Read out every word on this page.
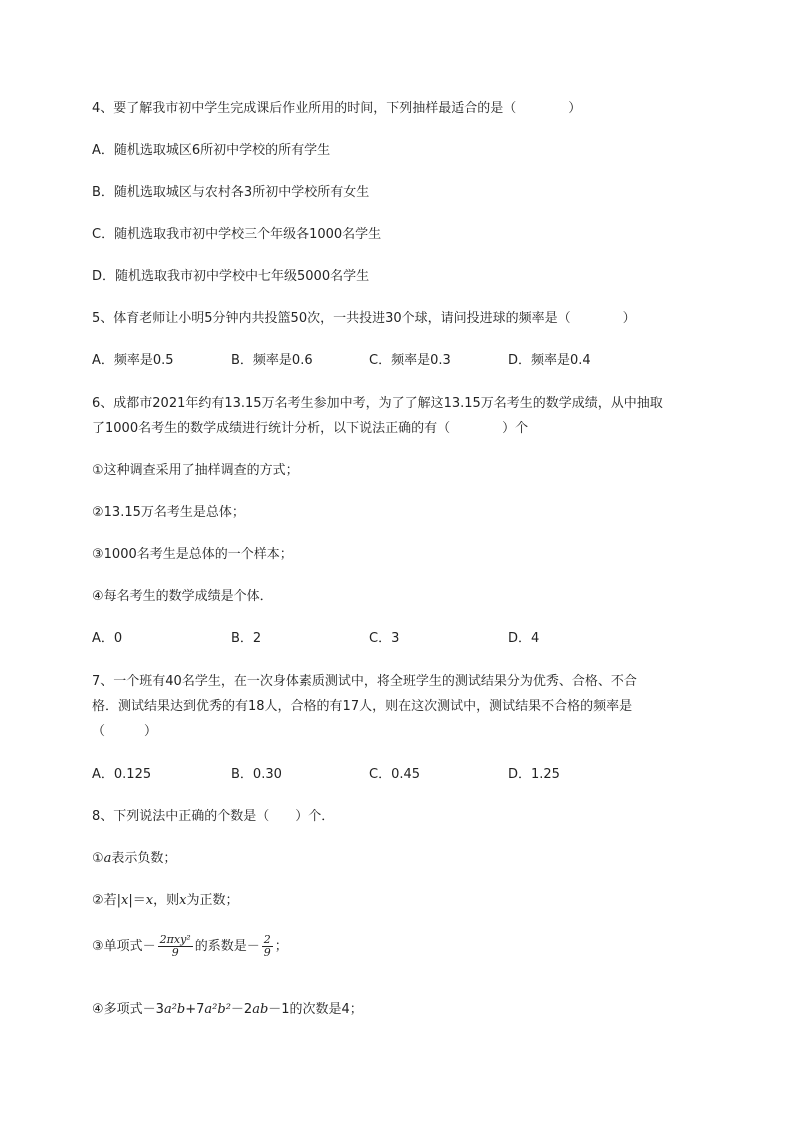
4、要了解我市初中学生完成课后作业所用的时间，下列抽样最适合的是（　　　　）
A．随机选取城区6所初中学校的所有学生
B．随机选取城区与农村各3所初中学校所有女生
C．随机选取我市初中学校三个年级各1000名学生
D．随机选取我市初中学校中七年级5000名学生
5、体育老师让小明5分钟内共投篮50次，一共投进30个球，请问投进球的频率是（　　　　）
A．频率是0.5	B．频率是0.6	C．频率是0.3	D．频率是0.4
6、成都市2021年约有13.15万名考生参加中考，为了了解这13.15万名考生的数学成绩，从中抽取
了1000名考生的数学成绩进行统计分析，以下说法正确的有（　　　　）个
①这种调查采用了抽样调查的方式；
②13.15万名考生是总体；
③1000名考生是总体的一个样本；
④每名考生的数学成绩是个体．
A．0	B．2	C．3	D．4
7、一个班有40名学生，在一次身体素质测试中，将全班学生的测试结果分为优秀、合格、不合
格．测试结果达到优秀的有18人，合格的有17人，则在这次测试中，测试结果不合格的频率是
（　　　）
A．0.125	B．0.30	C．0.45	D．1.25
8、下列说法中正确的个数是（　　）个．
①a表示负数；
②若|x|＝x，则x为正数；
③单项式－ $\frac{\text{2πxy²}}{9}$ 的系数是－ $\frac{2}{9}$ ；
④多项式－3a²b+7a²b²－2ab－1的次数是4；
